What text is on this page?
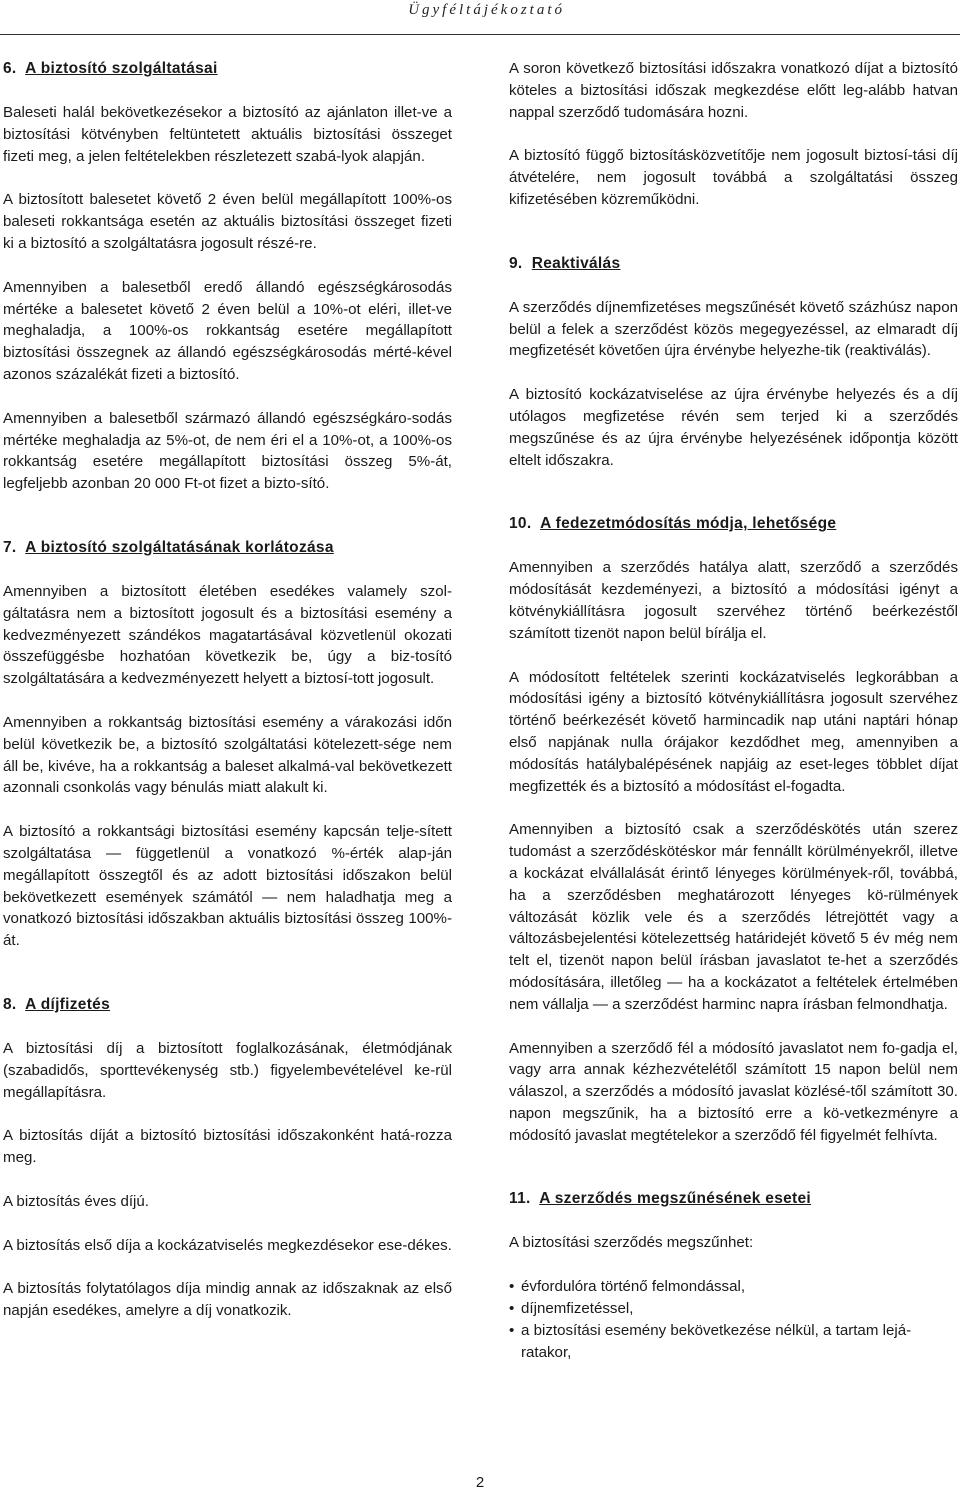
Ügyféltájékoztató
6. A biztosító szolgáltatásai

Baleseti halál bekövetkezésekor a biztosító az ajánlaton illet-ve a biztosítási kötvényben feltüntetett aktuális biztosítási összeget fizeti meg, a jelen feltételekben részletezett szabá-lyok alapján.

A biztosított balesetet követő 2 éven belül megállapított 100%-os baleseti rokkantsága esetén az aktuális biztosítási összeget fizeti ki a biztosító a szolgáltatásra jogosult részé-re.

Amennyiben a balesetből eredő állandó egészségkárosodás mértéke a balesetet követő 2 éven belül a 10%-ot eléri, illet-ve meghaladja, a 100%-os rokkantság esetére megállapított biztosítási összegnek az állandó egészségkárosodás mérté-kével azonos százalékát fizeti a biztosító.

Amennyiben a balesetből származó állandó egészségkáro-sodás mértéke meghaladja az 5%-ot, de nem éri el a 10%-ot, a 100%-os rokkantság esetére megállapított biztosítási összeg 5%-át, legfeljebb azonban 20 000 Ft-ot fizet a bizto-sító.

7. A biztosító szolgáltatásának korlátozása

Amennyiben a biztosított életében esedékes valamely szol-gáltatásra nem a biztosított jogosult és a biztosítási esemény a kedvezményezett szándékos magatartásával közvetlenül okozati összefüggésbe hozhatóan következik be, úgy a biz-tosító szolgáltatására a kedvezményezett helyett a biztosí-tott jogosult.

Amennyiben a rokkantság biztosítási esemény a várakozási időn belül következik be, a biztosító szolgáltatási kötelezett-sége nem áll be, kivéve, ha a rokkantság a baleset alkalmá-val bekövetkezett azonnali csonkolás vagy bénulás miatt alakult ki.

A biztosító a rokkantsági biztosítási esemény kapcsán telje-sített szolgáltatása — függetlenül a vonatkozó %-érték alap-ján megállapított összegtől és az adott biztosítási időszakon belül bekövetkezett események számától — nem haladhatja meg a vonatkozó biztosítási időszakban aktuális biztosítási összeg 100%-át.

8. A díjfizetés

A biztosítási díj a biztosított foglalkozásának, életmódjának (szabadidős, sporttevékenység stb.) figyelembevételével ke-rül megállapításra.

A biztosítás díját a biztosító biztosítási időszakonként hatá-rozza meg.

A biztosítás éves díjú.

A biztosítás első díja a kockázatviselés megkezdésekor ese-dékes.

A biztosítás folytatólagos díja mindig annak az időszaknak az első napján esedékes, amelyre a díj vonatkozik.

A soron következő biztosítási időszakra vonatkozó díjat a biztosító köteles a biztosítási időszak megkezdése előtt leg-alább hatvan nappal szerződő tudomására hozni.

A biztosító függő biztosításközvetítője nem jogosult biztosí-tási díj átvételére, nem jogosult továbbá a szolgáltatási összeg kifizetésében közreműködni.

9. Reaktiválás

A szerződés díjnemfizetéses megszűnését követő százhúsz napon belül a felek a szerződést közös megegyezéssel, az elmaradt díj megfizetését követően újra érvénybe helyezhe-tik (reaktiválás).

A biztosító kockázatviselése az újra érvénybe helyezés és a díj utólagos megfizetése révén sem terjed ki a szerződés megszűnése és az újra érvénybe helyezésének időpontja között eltelt időszakra.

10. A fedezetmódosítás módja, lehetősége

Amennyiben a szerződés hatálya alatt, szerződő a szerződés módosítását kezdeményezi, a biztosító a módosítási igényt a kötvénykiállításra jogosult szervéhez történő beérkezéstől számított tizenöt napon belül bírálja el.

A módosított feltételek szerinti kockázatviselés legkorábban a módosítási igény a biztosító kötvénykiállításra jogosult szervéhez történő beérkezését követő harmincadik nap utáni naptári hónap első napjának nulla órájakor kezdődhet meg, amennyiben a módosítás hatálybalépésének napjáig az eset-leges többlet díjat megfizették és a biztosító a módosítást el-fogadta.

Amennyiben a biztosító csak a szerződéskötés után szerez tudomást a szerződéskötéskor már fennállt körülményekről, illetve a kockázat elvállalását érintő lényeges körülmények-ről, továbbá, ha a szerződésben meghatározott lényeges kö-rülmények változását közlik vele és a szerződés létrejöttét vagy a változásbejelentési kötelezettség határidejét követő 5 év még nem telt el, tizenöt napon belül írásban javaslatot te-het a szerződés módosítására, illetőleg — ha a kockázatot a feltételek értelmében nem vállalja — a szerződést harminc napra írásban felmondhatja.

Amennyiben a szerződő fél a módosító javaslatot nem fo-gadja el, vagy arra annak kézhezvételétől számított 15 napon belül nem válaszol, a szerződés a módosító javaslat közlésé-től számított 30. napon megszűnik, ha a biztosító erre a kö-vetkezményre a módosító javaslat megtételekor a szerződő fél figyelmét felhívta.

11. A szerződés megszűnésének esetei

A biztosítási szerződés megszűnhet:

• évfordulóra történő felmondással,
• díjnemfizetéssel,
• a biztosítási esemény bekövetkezése nélkül, a tartam lejá-ratakor,
2
